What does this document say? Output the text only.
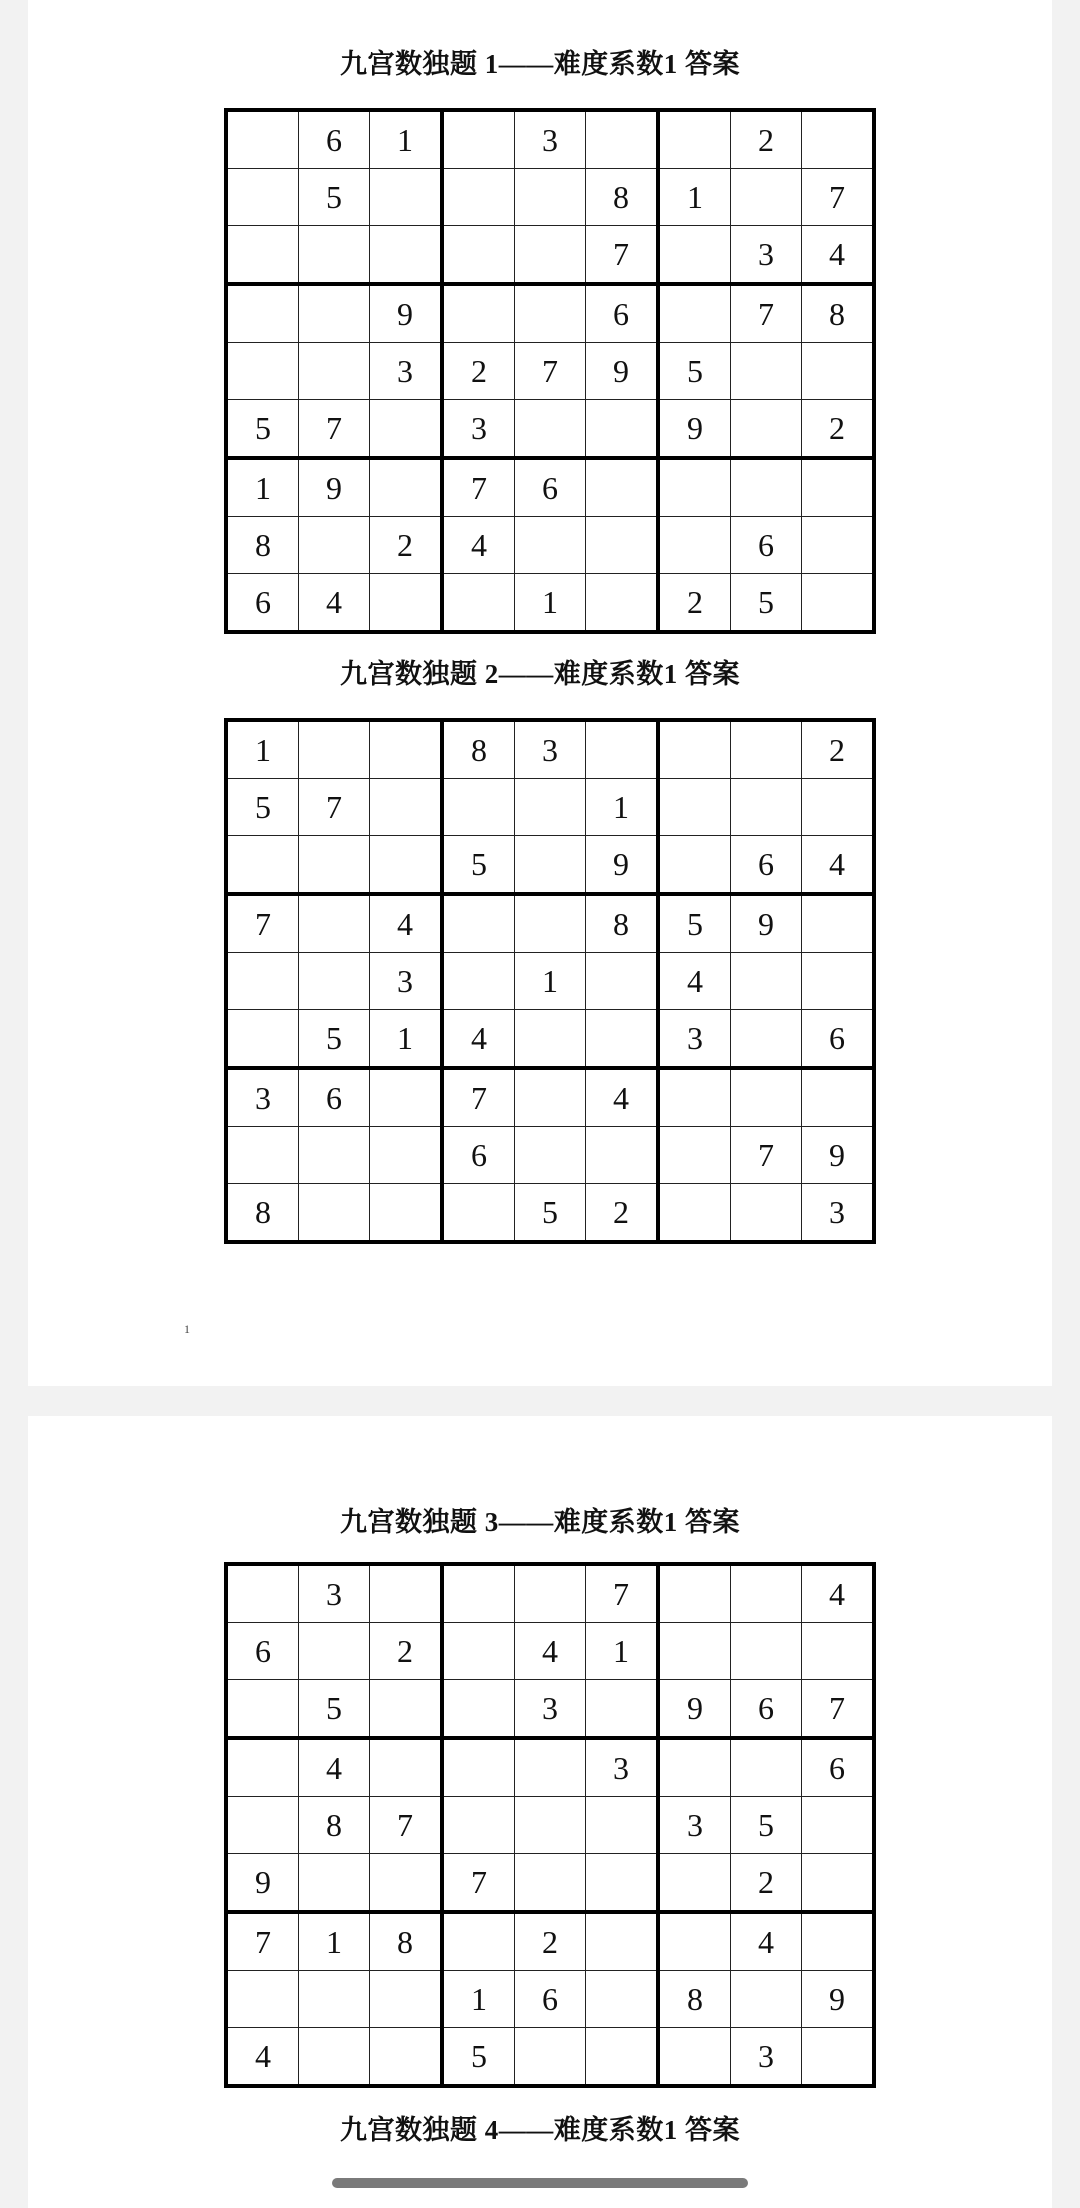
九宫数独题 1——难度系数1 答案
	6	1		3			2	
	5				8	1		7
					7		3	4
		9			6		7	8
		3	2	7	9	5		
5	7		3			9		2
1	9		7	6				
8		2	4				6	
6	4			1		2	5	
九宫数独题 2——难度系数1 答案
1			8	3				2
5	7				1			
			5		9		6	4
7		4			8	5	9	
		3		1		4		
	5	1	4			3		6
3	6		7		4			
			6				7	9
8				5	2			3
1
九宫数独题 3——难度系数1 答案
	3				7			4
6		2		4	1			
	5			3		9	6	7
	4				3			6
	8	7				3	5	
9			7				2	
7	1	8		2			4	
			1	6		8		9
4			5				3	
九宫数独题 4——难度系数1 答案
